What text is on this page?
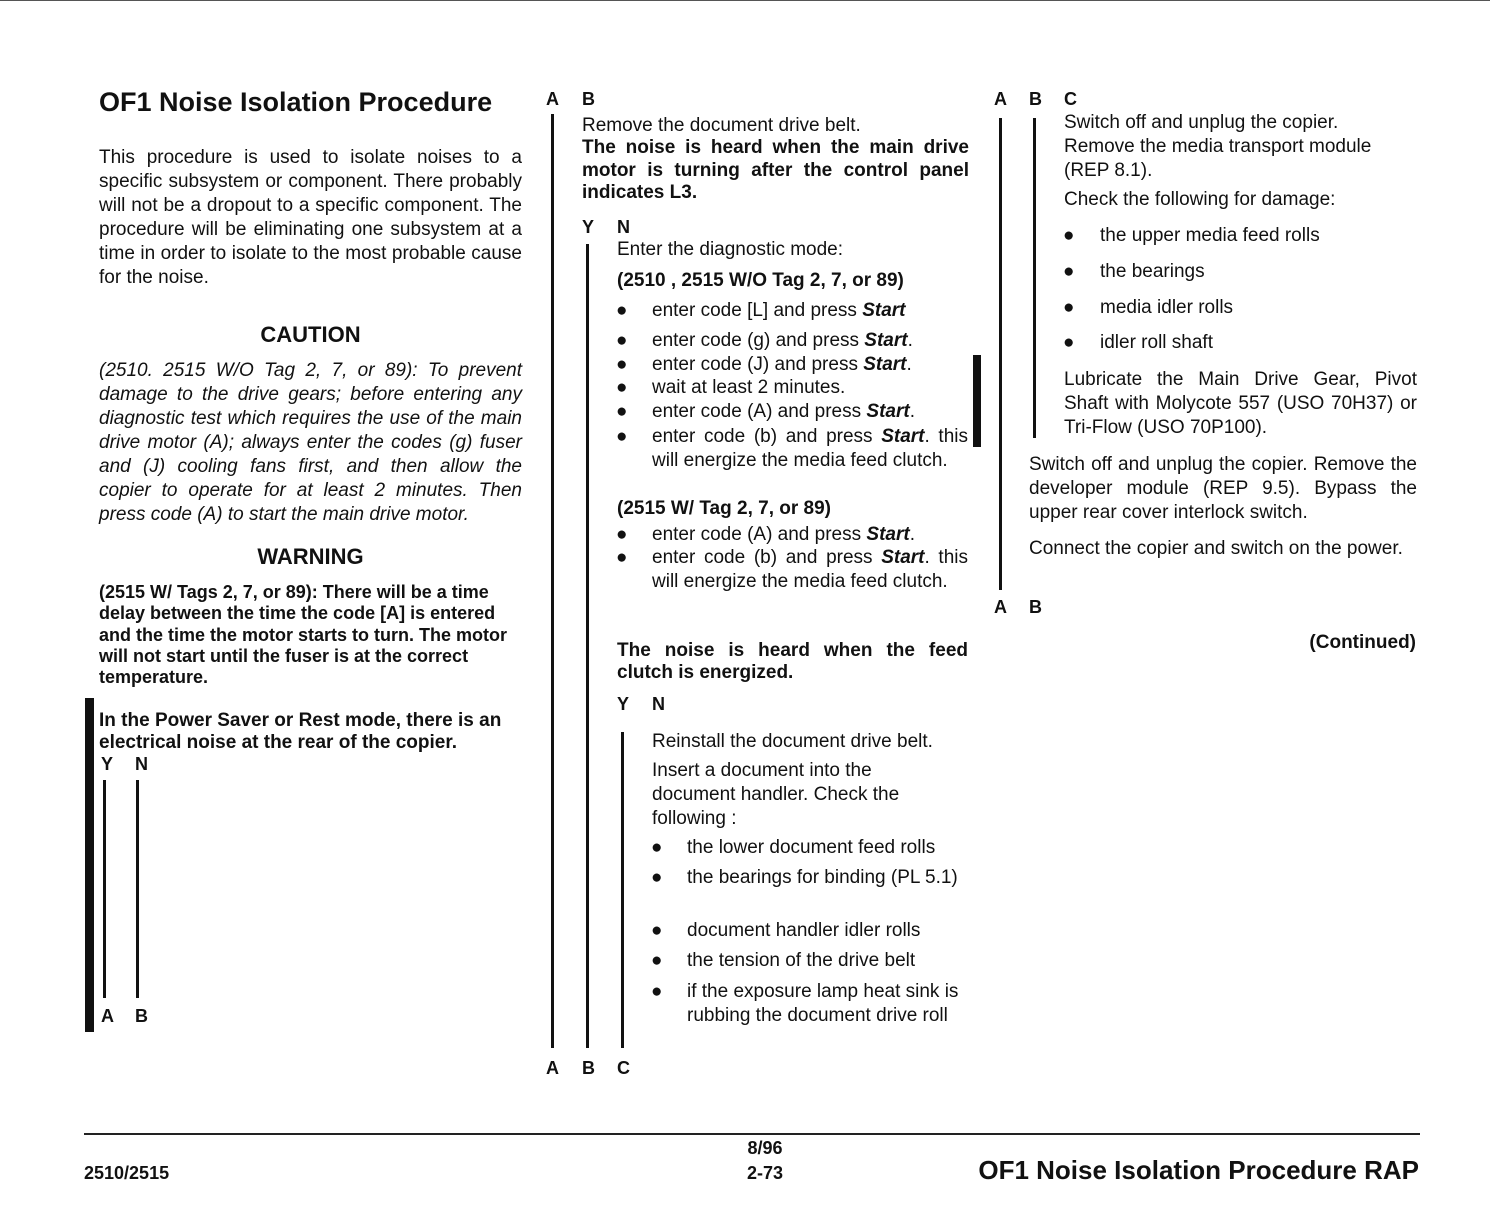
OF1 Noise Isolation Procedure
This procedure is used to isolate noises to a specific subsystem or component. There probably will not be a dropout to a specific component. The procedure will be eliminating one subsystem at a time in order to isolate to the most probable cause for the noise.
CAUTION
(2510. 2515 W/O Tag 2, 7, or 89): To prevent damage to the drive gears; before entering any diagnostic test which requires the use of the main drive motor (A); always enter the codes (g) fuser and (J) cooling fans first, and then allow the copier to operate for at least 2 minutes. Then press code (A) to start the main drive motor.
WARNING
(2515 W/ Tags 2, 7, or 89): There will be a time delay between the time the code [A] is entered and the time the motor starts to turn. The motor will not start until the fuser is at the correct temperature.
In the Power Saver or Rest mode, there is an electrical noise at the rear of the copier.
Y N
A B
A B
Remove the document drive belt.
The noise is heard when the main drive motor is turning after the control panel indicates L3.
Y N
Enter the diagnostic mode:
(2510 , 2515 W/O Tag 2, 7, or 89)
● enter code [L] and press Start
● enter code (g) and press Start.
● enter code (J) and press Start.
● wait at least 2 minutes.
● enter code (A) and press Start.
● enter code (b) and press Start. this will energize the media feed clutch.
(2515 W/ Tag 2, 7, or 89)
● enter code (A) and press Start.
● enter code (b) and press Start. this will energize the media feed clutch.
The noise is heard when the feed clutch is energized.
Y N
Reinstall the document drive belt.
Insert a document into the document handler. Check the following :
● the lower document feed rolls
● the bearings for binding (PL 5.1)
● document handler idler rolls
● the tension of the drive belt
● if the exposure lamp heat sink is rubbing the document drive roll
A B C
A B C
Switch off and unplug the copier.
Remove the media transport module (REP 8.1).
Check the following for damage:
● the upper media feed rolls
● the bearings
● media idler rolls
● idler roll shaft
Lubricate the Main Drive Gear, Pivot Shaft with Molycote 557 (USO 70H37) or Tri-Flow (USO 70P100).
Switch off and unplug the copier. Remove the developer module (REP 9.5). Bypass the upper rear cover interlock switch.
Connect the copier and switch on the power.
A B
(Continued)
2510/2515
8/96
2-73	OF1 Noise Isolation Procedure RAP
